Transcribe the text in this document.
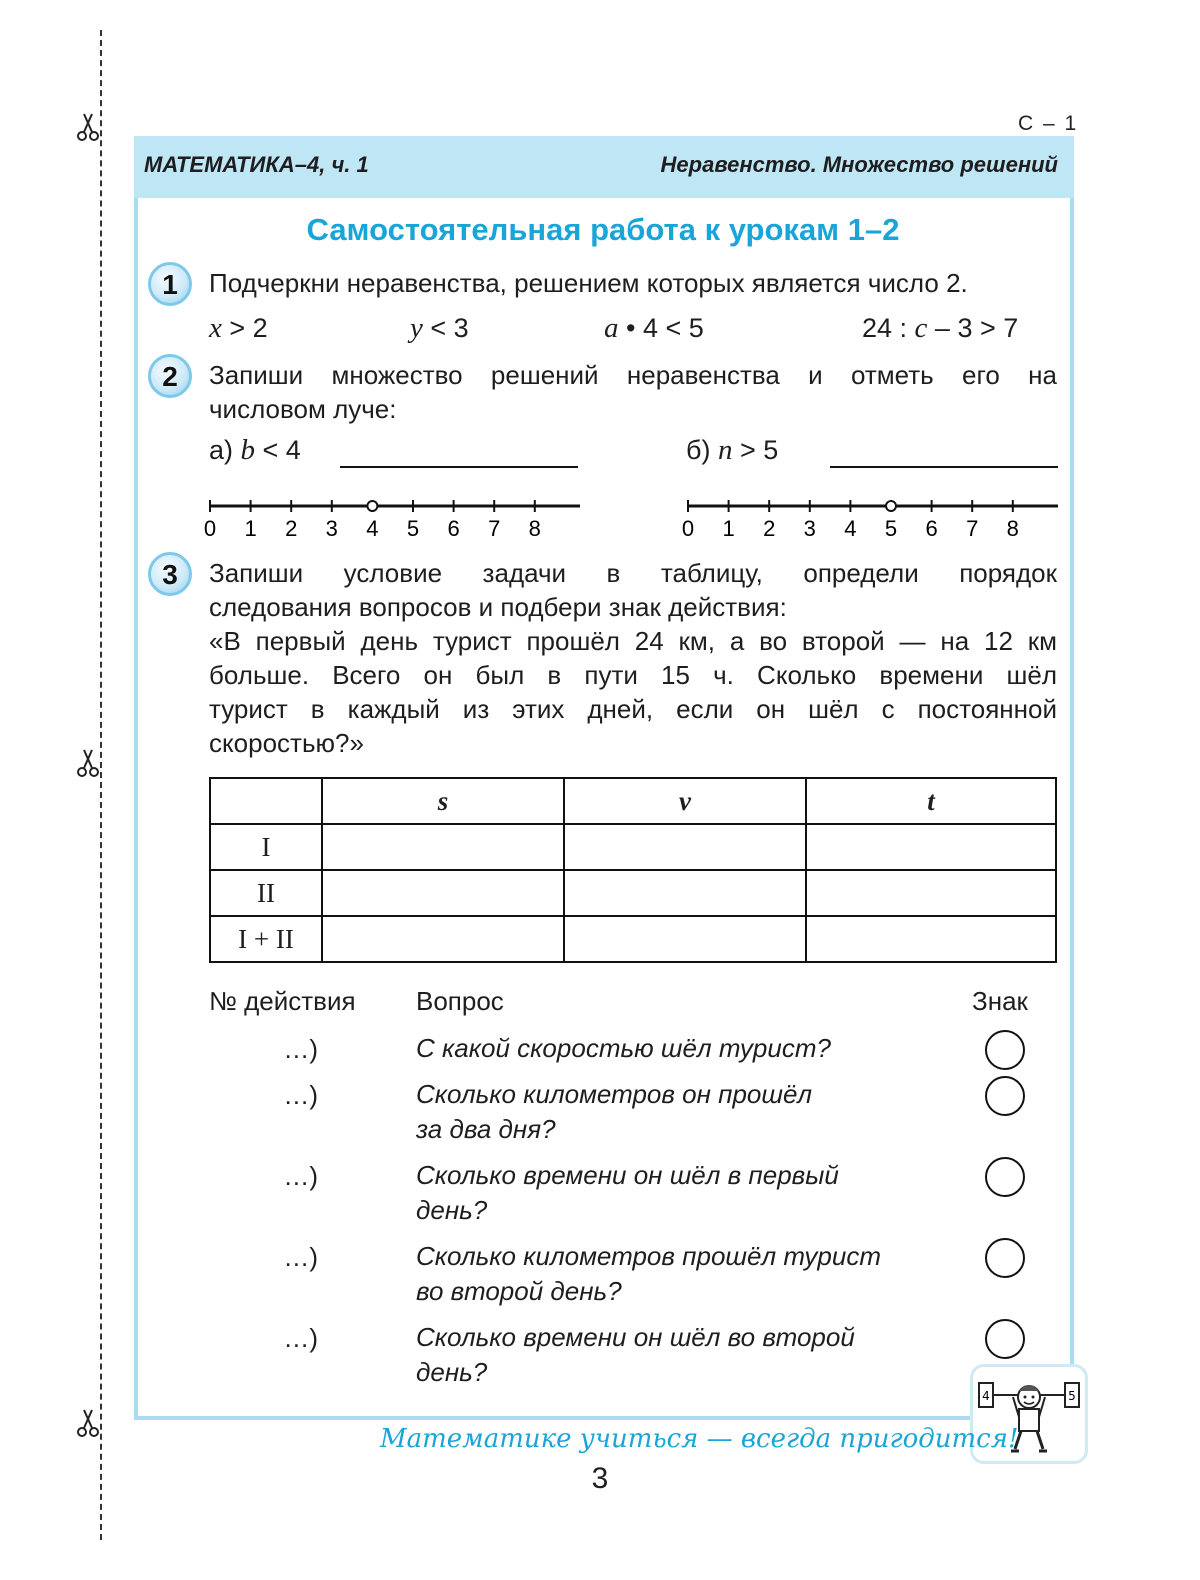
С – 1
МАТЕМАТИКА–4, ч. 1	Неравенство. Множество решений
Самостоятельная работа к урокам 1–2
1	Подчеркни неравенства, решением которых является число 2.
x > 2	y < 3	a • 4 < 5	24 : c – 3 > 7
2	Запиши множество решений неравенства и отметь его на
числовом луче:
а) b < 4	б) n > 5
0 1 2 3 4 5 6 7 8	0 1 2 3 4 5 6 7 8
3	Запиши условие задачи в таблицу, определи порядок
следования вопросов и подбери знак действия:
«В первый день турист прошёл 24 км, а во второй — на 12 км
больше. Всего он был в пути 15 ч. Сколько времени шёл
турист в каждый из этих дней, если он шёл с постоянной
скоростью?»
	s	v	t
I			
II			
I + II			
№ действия Вопрос	Знак
…)	С какой скоростью шёл турист?
…)	Сколько километров он прошёл
за два дня?
…)	Сколько времени он шёл в первый
день?
…)	Сколько километров прошёл турист
во второй день?
…)	Сколько времени он шёл во второй
день?
4	5
Математике учиться — всегда пригодится!
3
